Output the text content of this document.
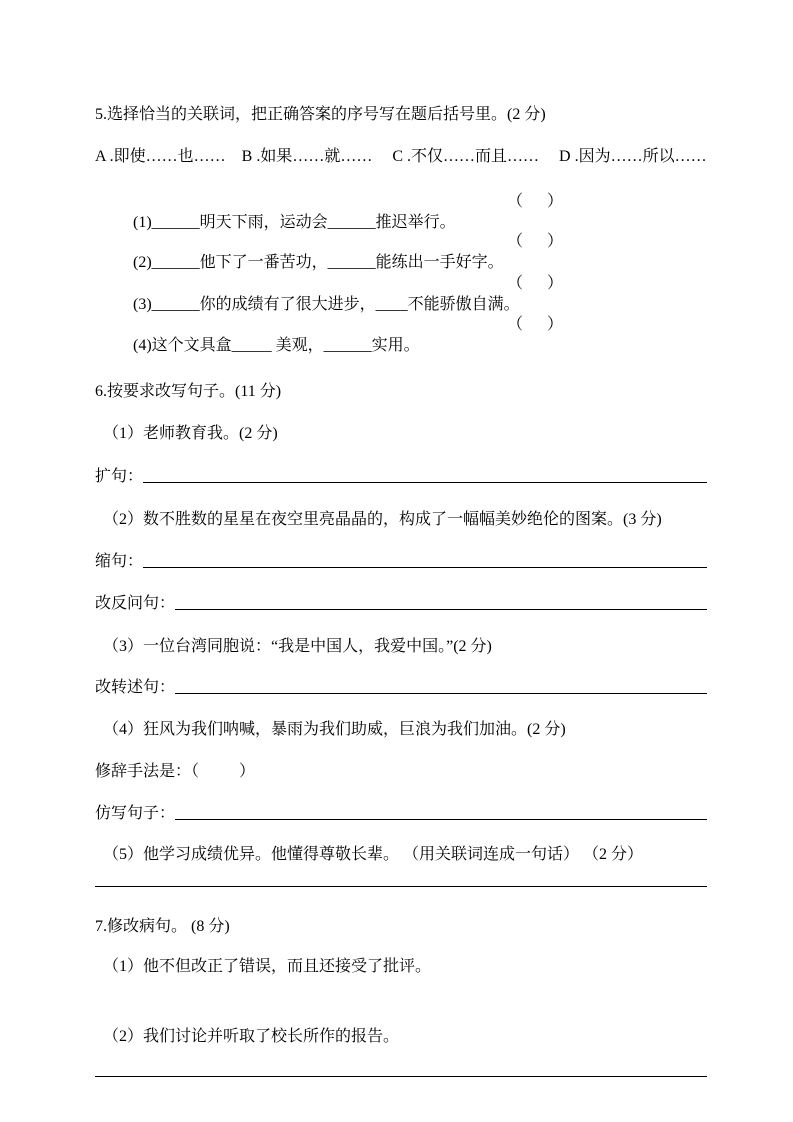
5.选择恰当的关联词，把正确答案的序号写在题后括号里。(2 分)
A .即使……也……    B .如果……就……     C .不仅……而且……     D .因为……所以……

(1)______明天下雨，运动会______推迟举行。

（      ）

(2)______他下了一番苦功，______能练出一手好字。

（      ）

(3)______你的成绩有了很大进步，____不能骄傲自满。

（      ）

(4)这个文具盒_____ 美观，______实用。

（      ）

6.按要求改写句子。(11 分)
（1）老师教育我。(2 分)
扩句：
（2）数不胜数的星星在夜空里亮晶晶的，构成了一幅幅美妙绝伦的图案。(3 分)
缩句：
改反问句：
（3）一位台湾同胞说：“我是中国人，我爱中国。”(2 分)
改转述句：
（4）狂风为我们呐喊，暴雨为我们助威，巨浪为我们加油。(2 分)
修辞手法是：（          ）
仿写句子：
（5）他学习成绩优异。他懂得尊敬长辈。 （用关联词连成一句话） （2 分）
7.修改病句。 (8 分)
（1）他不但改正了错误，而且还接受了批评。
（2）我们讨论并听取了校长所作的报告。
